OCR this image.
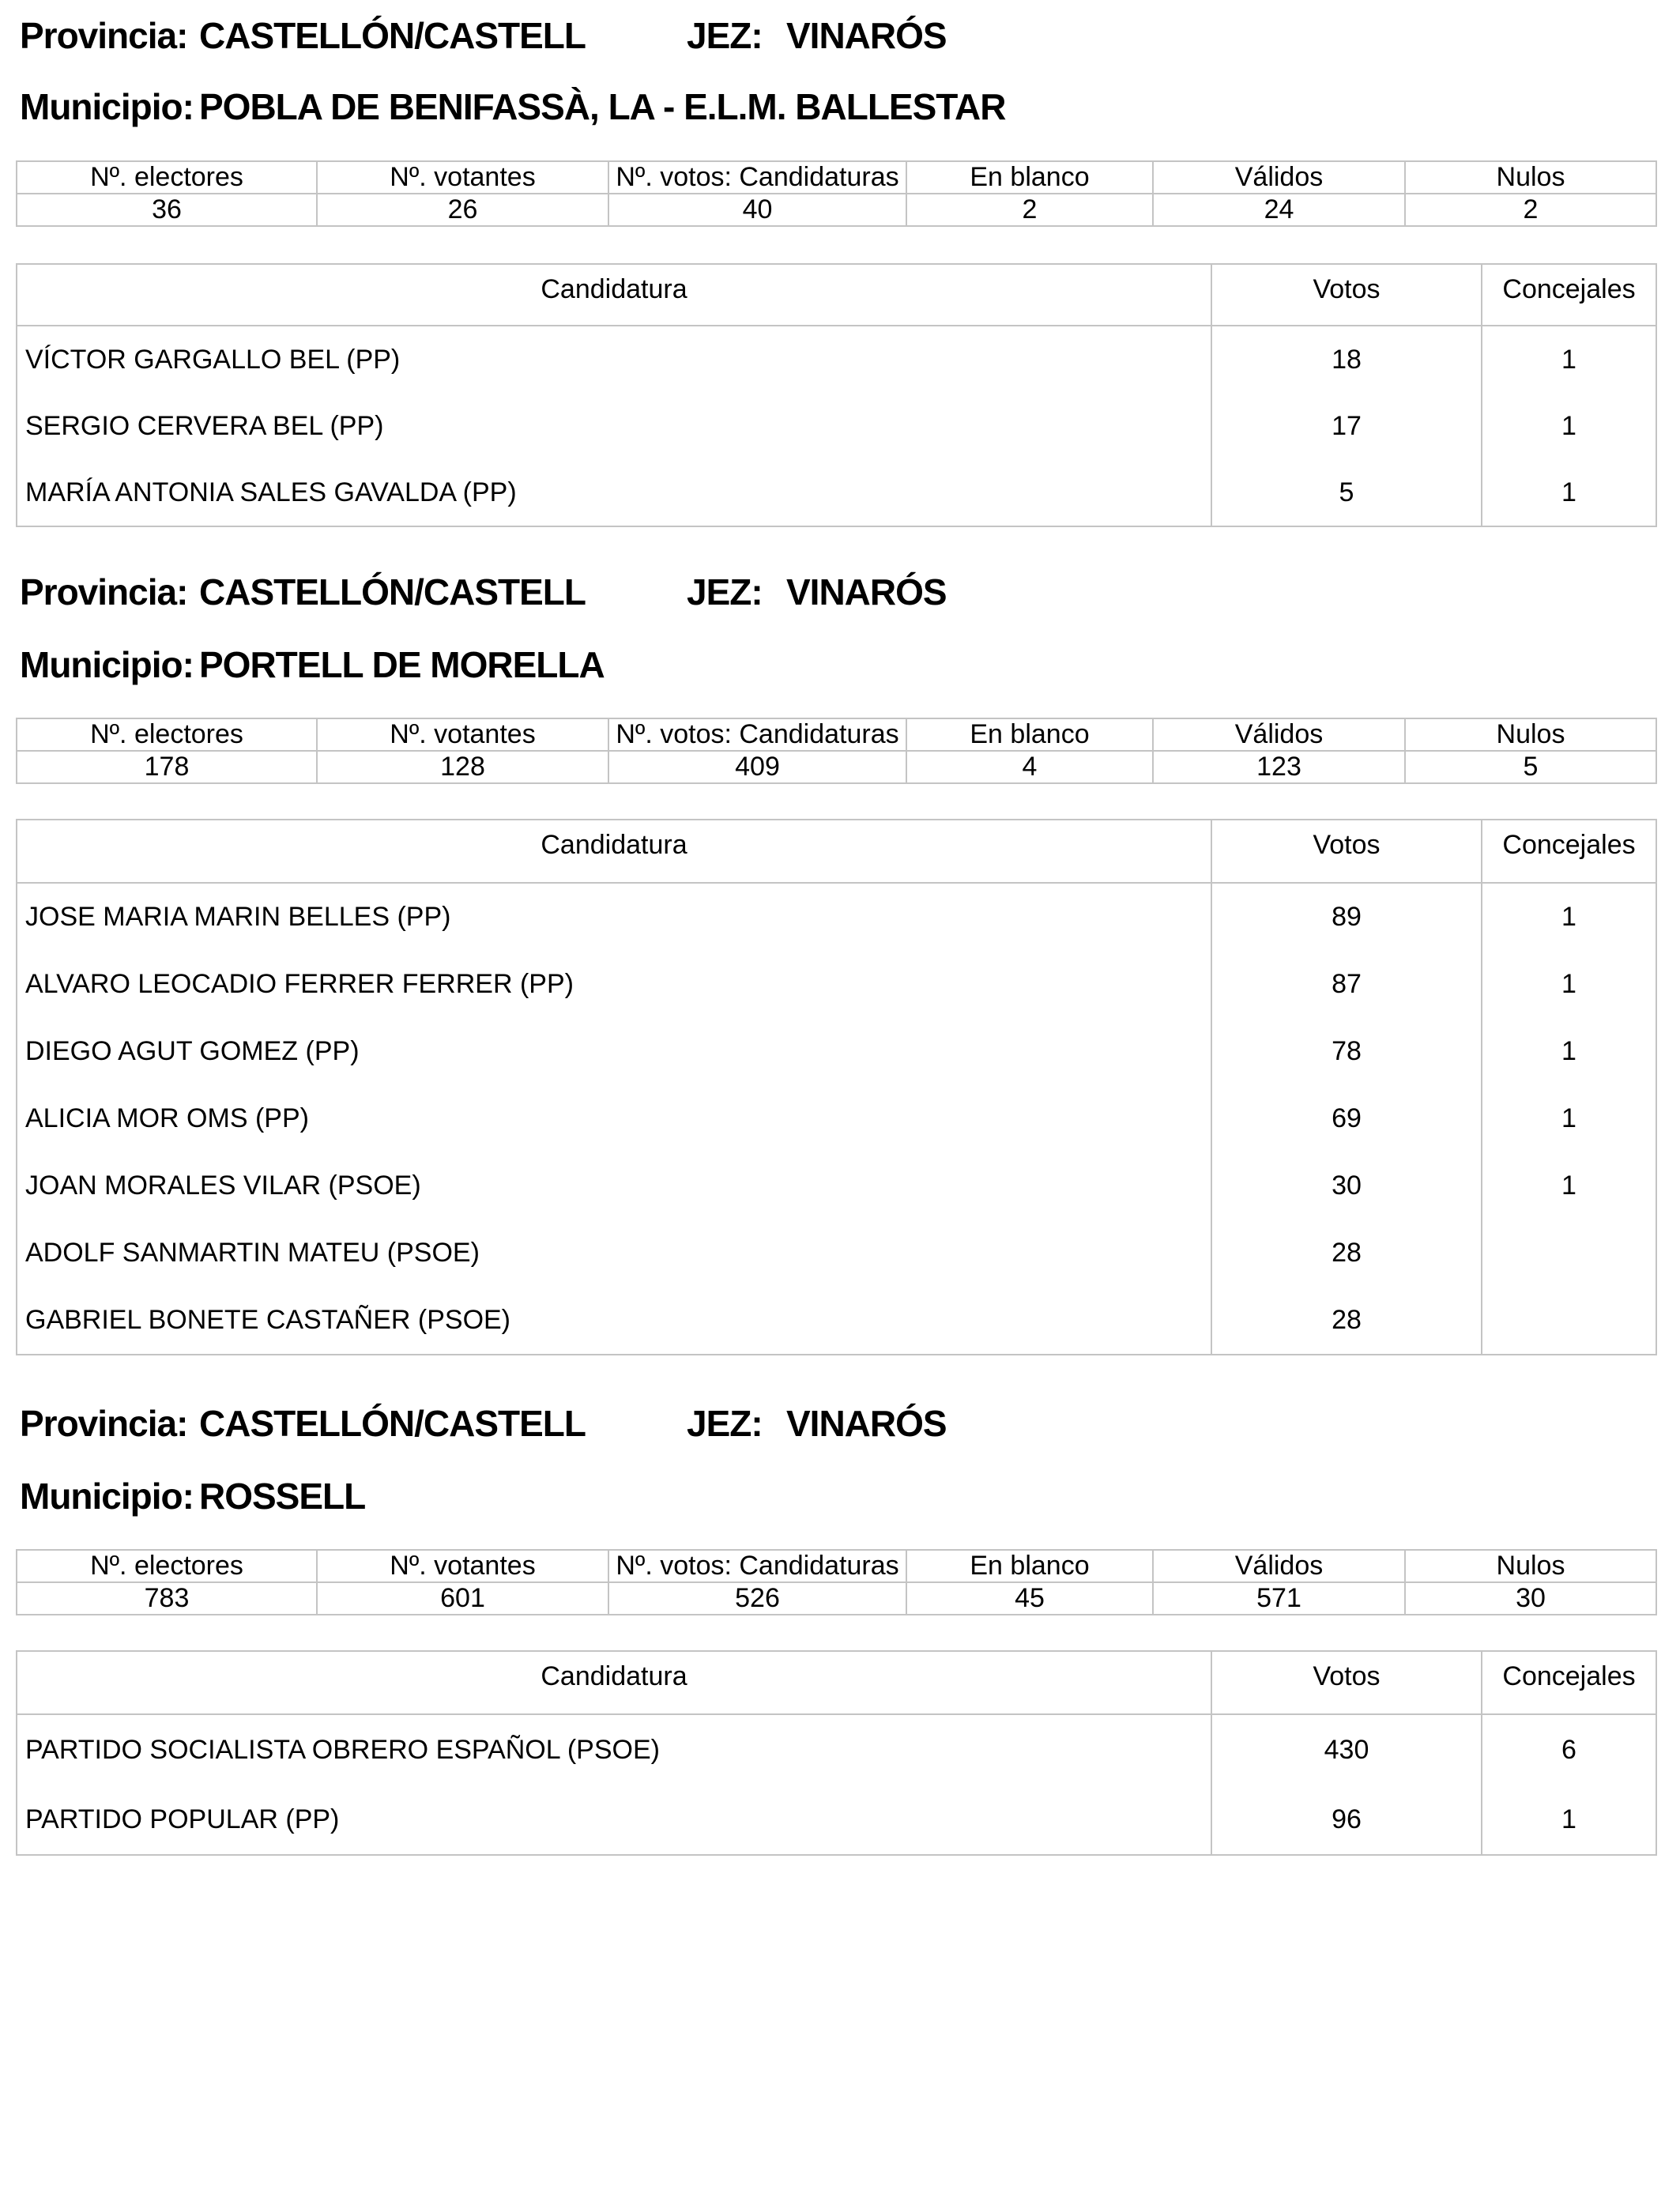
Provincia: CASTELLÓN/CASTELL	JEZ: VINARÓS
Municipio: POBLA DE BENIFASSÀ, LA - E.L.M. BALLESTAR
Nº. electores	Nº. votantes	Nº. votos: Candidaturas	En blanco	Válidos	Nulos
36	26	40	2	24	2
Candidatura	Votos	Concejales
VÍCTOR GARGALLO BEL (PP)	18	1
SERGIO CERVERA BEL (PP)	17	1
MARÍA ANTONIA SALES GAVALDA (PP)	5	1
Provincia: CASTELLÓN/CASTELL	JEZ: VINARÓS
Municipio: PORTELL DE MORELLA
Nº. electores	Nº. votantes	Nº. votos: Candidaturas	En blanco	Válidos	Nulos
178	128	409	4	123	5
Candidatura	Votos	Concejales
JOSE MARIA MARIN BELLES (PP)	89	1
ALVARO LEOCADIO FERRER FERRER (PP)	87	1
DIEGO AGUT GOMEZ (PP)	78	1
ALICIA MOR OMS (PP)	69	1
JOAN MORALES VILAR (PSOE)	30	1
ADOLF SANMARTIN MATEU (PSOE)	28	
GABRIEL BONETE CASTAÑER (PSOE)	28	
Provincia: CASTELLÓN/CASTELL	JEZ: VINARÓS
Municipio: ROSSELL
Nº. electores	Nº. votantes	Nº. votos: Candidaturas	En blanco	Válidos	Nulos
783	601	526	45	571	30
Candidatura	Votos	Concejales
PARTIDO SOCIALISTA OBRERO ESPAÑOL (PSOE)	430	6
PARTIDO POPULAR (PP)	96	1
